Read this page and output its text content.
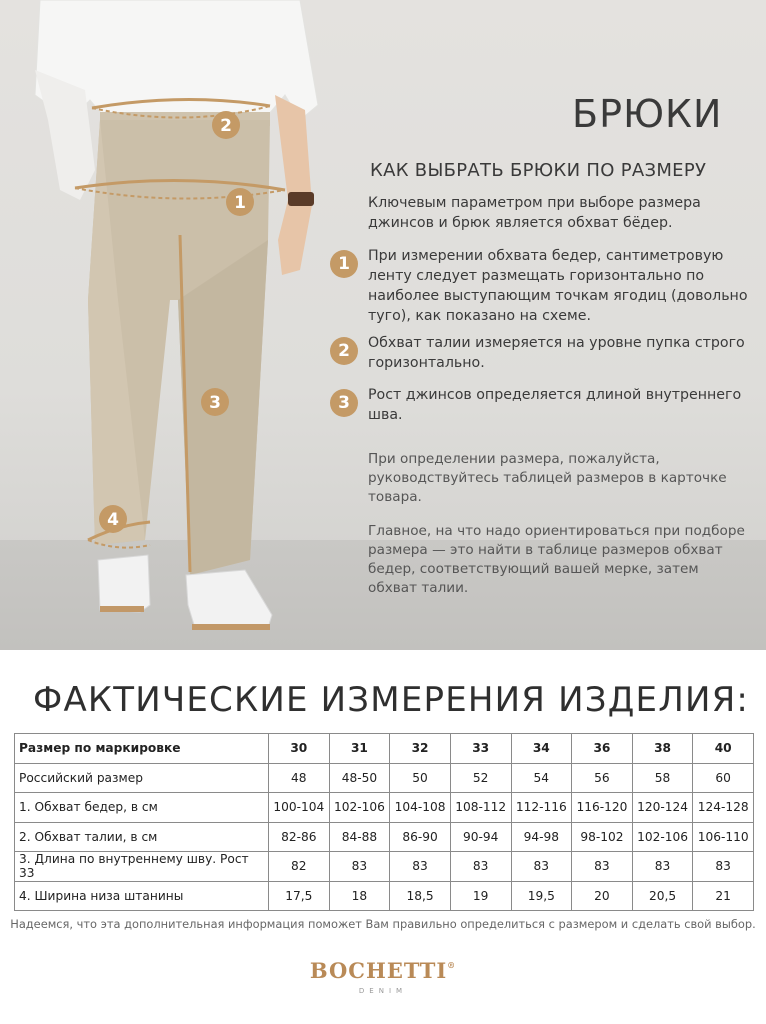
2
1
3
4
БРЮКИ
КАК ВЫБРАТЬ БРЮКИ ПО РАЗМЕРУ
Ключевым параметром при выборе размера джинсов и брюк является обхват бёдер.
1	При измерении обхвата бедер, сантиметровую ленту следует размещать горизонтально по наиболее выступающим точкам ягодиц (довольно туго), как показано на схеме.
2	Обхват талии измеряется на уровне пупка строго горизонтально.
3	Рост джинсов определяется длиной внутреннего шва.
При определении размера, пожалуйста, руководствуйтесь таблицей размеров в карточке товара.
Главное, на что надо ориентироваться при подборе размера — это найти в таблице размеров обхват бедер, соответствующий вашей мерке, затем обхват талии.
ФАКТИЧЕСКИЕ ИЗМЕРЕНИЯ ИЗДЕЛИЯ:
Размер по маркировке	30	31	32	33	34	36	38	40
Российский размер	48	48-50	50	52	54	56	58	60
1. Обхват бедер, в см	100-104	102-106	104-108	108-112	112-116	116-120	120-124	124-128
2. Обхват талии, в см	82-86	84-88	86-90	90-94	94-98	98-102	102-106	106-110
3. Длина по внутреннему шву. Рост 33	82	83	83	83	83	83	83	83
4. Ширина низа штанины	17,5	18	18,5	19	19,5	20	20,5	21
Надеемся, что эта дополнительная информация поможет Вам правильно определиться с размером и сделать свой выбор.
BOCHETTI®
DENIM
